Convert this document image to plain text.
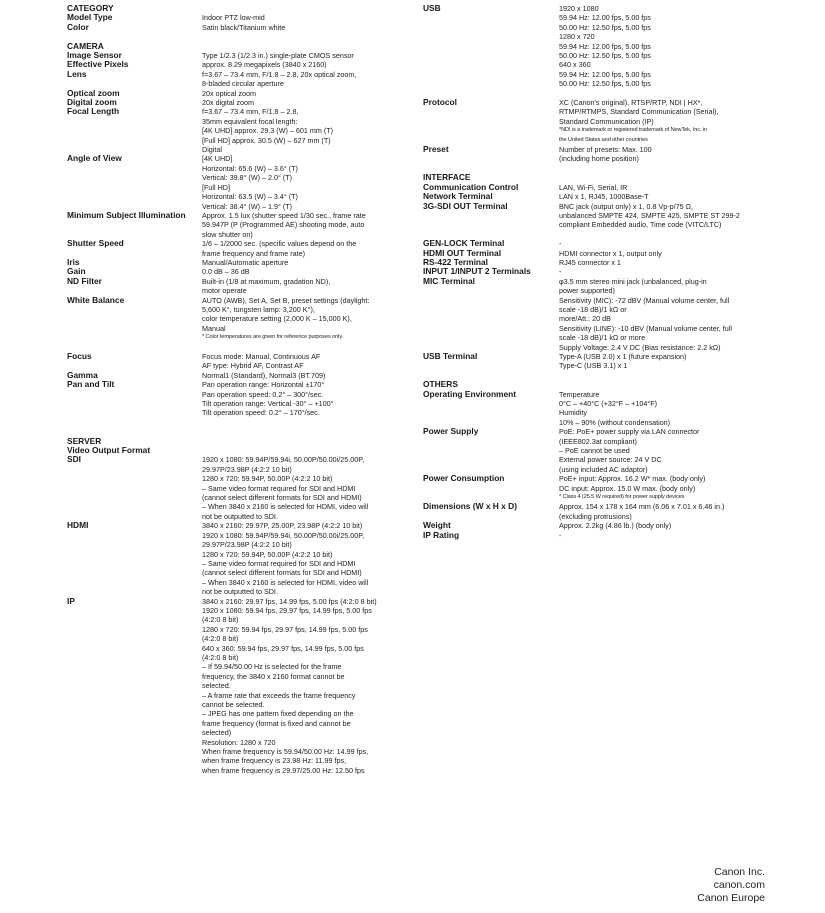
CATEGORY
Model Type	Indoor PTZ low-mid
Color	Satin black/Titanium white
CAMERA
Image Sensor	Type 1/2.3 (1/2.3 in.) single-plate CMOS sensor
Effective Pixels	approx. 8.29 megapixels (3840 x 2160)
Lens	f=3.67 – 73.4 mm, F/1.8 – 2.8, 20x optical zoom,
8-bladed circular aperture
Optical zoom	20x optical zoom
Digital zoom	20x digital zoom
Focal Length	f=3.67 – 73.4 mm, F/1.8 – 2.8,
35mm equivalent focal length:
[4K UHD] approx. 29.3 (W) – 601 mm (T)
[Full HD] approx. 30.5 (W) – 627 mm (T)
Digital
Angle of View	[4K UHD]
Horizontal: 65.6 (W) – 3.6° (T)
Vertical: 39.8° (W) – 2.0° (T)
[Full HD]
Horizontal: 63.5 (W) – 3.4° (T)
Vertical: 38.4° (W) – 1.9° (T)
Minimum Subject Illumination	Approx. 1.5 lux (shutter speed 1/30 sec., frame rate
59.947P (P (Programmed AE) shooting mode, auto
slow shutter on)
Shutter Speed	1/6 – 1/2000 sec. (specific values depend on the
frame frequency and frame rate)
Iris	Manual/Automatic aperture
Gain	0.0 dB – 36 dB
ND Filter	Built-in (1/8 at maximum, gradation ND),
motor operate
White Balance	AUTO (AWB), Set A, Set B, preset settings (daylight:
5,600 K°, tungsten lamp: 3,200 K°),
color temperature setting (2,000 K – 15,000 K),
Manual
* Color temperatures are given for reference purposes only.
Focus	Focus mode: Manual, Continuous AF
AF type: Hybrid AF, Contrast AF
Gamma	Normal1 (Standard), Normal3 (BT.709)
Pan and Tilt	Pan operation range: Horizontal ±170°
Pan operation speed: 0.2° – 300°/sec.
Tilt operation range: Vertical -30° – +100°
Tilt operation speed: 0.2° – 170°/sec.
SERVER
Video Output Format
SDI	1920 x 1080: 59.94P/59.94i, 50.00P/50.00i/25.00P,
29.97P/23.98P (4:2:2 10 bit)
1280 x 720: 59.94P, 50.00P (4:2:2 10 bit)
– Same video format required for SDI and HDMI
(cannot select different formats for SDI and HDMI)
– When 3840 x 2160 is selected for HDMI, video will
not be outputted to SDI.
HDMI	3840 x 2160: 29.97P, 25.00P, 23.98P (4:2:2 10 bit)
1920 x 1080: 59.94P/59.94i, 50.00P/50.00i/25.00P,
29.97P/23.98P (4:2:2 10 bit)
1280 x 720: 59.94P, 50.00P (4:2:2 10 bit)
– Same video format required for SDI and HDMI
(cannot select different formats for SDI and HDMI)
– When 3840 x 2160 is selected for HDMI, video will
not be outputted to SDI.
IP	3840 x 2160: 29.97 fps, 14.99 fps, 5.00 fps (4:2:0 8 bit)
1920 x 1080: 59.94 fps, 29.97 fps, 14.99 fps, 5.00 fps
(4:2:0 8 bit)
1280 x 720: 59.94 fps, 29.97 fps, 14.99 fps, 5.00 fps
(4:2:0 8 bit)
640 x 360: 59.94 fps, 29.97 fps, 14.99 fps, 5.00 fps
(4:2:0 8 bit)
– If 59.94/50.00 Hz is selected for the frame
frequency, the 3840 x 2160 format cannot be
selected.
– A frame rate that exceeds the frame frequency
cannot be selected.
– JPEG has one pattern fixed depending on the
frame frequency (format is fixed and cannot be
selected)
Resolution: 1280 x 720
When frame frequency is 59.94/50.00 Hz: 14.99 fps,
when frame frequency is 23.98 Hz: 11.99 fps,
when frame frequency is 29.97/25.00 Hz: 12.50 fps
USB	1920 x 1080
59.94 Hz: 12.00 fps, 5.00 fps
50.00 Hz: 12.50 fps, 5.00 fps
1280 x 720
59.94 Hz: 12.00 fps, 5.00 fps
50.00 Hz: 12.50 fps, 5.00 fps
640 x 360
59.94 Hz: 12.00 fps, 5.00 fps
50.00 Hz: 12.50 fps, 5.00 fps
Protocol	XC (Canon's original), RTSP/RTP, NDI | HX*,
RTMP/RTMPS, Standard Communication (Serial),
Standard Communication (IP)
*NDI is a trademark or registered trademark of NewTek, Inc. in
the United States and other countries
Preset	Number of presets: Max. 100
(including home position)
INTERFACE
Communication Control	LAN, Wi-Fi, Serial, IR
Network Terminal	LAN x 1, RJ45, 1000Base-T
3G-SDI OUT Terminal	BNC jack (output only) x 1, 0.8 Vp-p/75 Ω,
unbalanced SMPTE 424, SMPTE 425, SMPTE ST 299-2
compliant Embedded audio, Time code (VITC/LTC)
GEN-LOCK Terminal	-
HDMI OUT Terminal	HDMI connector x 1, output only
RS-422 Terminal	RJ45 connector x 1
INPUT 1/INPUT 2 Terminals	-
MIC Terminal	φ3.5 mm stereo mini jack (unbalanced, plug-in
power supported)
Sensitivity (MIC): -72 dBV (Manual volume center, full
scale -18 dB)/1 kΩ or
more/Att.: 20 dB
Sensitivity (LINE): -10 dBV (Manual volume center, full
scale -18 dB)/1 kΩ or more
Supply Voltage: 2.4 V DC (Bias resistance: 2.2 kΩ)
USB Terminal	Type-A (USB 2.0) x 1 (future expansion)
Type-C (USB 3.1) x 1
OTHERS
Operating Environment	Temperature
0°C – +40°C (+32°F – +104°F)
Humidity
10% – 90% (without condensation)
Power Supply	PoE: PoE+ power supply via LAN connector
(IEEE802.3at compliant)
– PoE cannot be used
External power source: 24 V DC
(using included AC adaptor)
Power Consumption	PoE+ input: Approx. 16.2 W* max. (body only)
DC input: Approx. 15.0 W max. (body only)
* Class 4 (25.5 W required) for power supply devices
Dimensions (W x H x D)	Approx. 154 x 178 x 164 mm (6.06 x 7.01 x 6.46 in.)
(excluding protrusions)
Weight	Approx. 2.2kg (4.86 lb.) (body only)
IP Rating	-
Canon Inc.
canon.com
Canon Europe
